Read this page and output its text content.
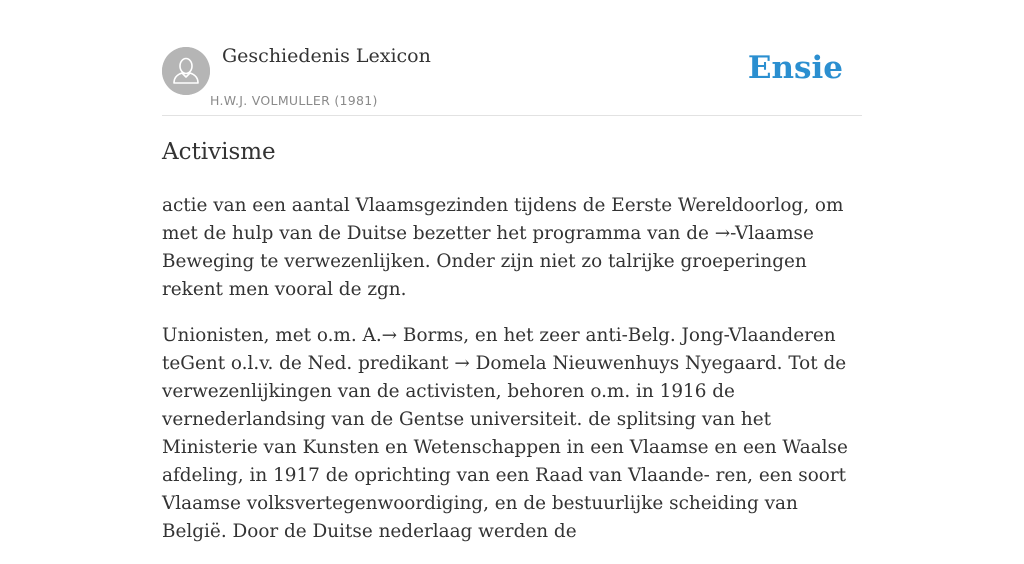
Geschiedenis Lexicon
H.W.J. VOLMULLER (1981)
Ensie
Activisme

actie van een aantal Vlaamsgezinden tijdens de Eerste Wereldoorlog, om met de hulp van de Duitse bezetter het programma van de →-Vlaamse Beweging te verwezenlijken. Onder zijn niet zo talrijke groeperingen rekent men vooral de zgn.

Unionisten, met o.m. A.→ Borms, en het zeer anti-Belg. Jong-Vlaanderen teGent o.l.v. de Ned. predikant → Domela Nieuwenhuys Nyegaard. Tot de verwezenlijkingen van de activisten, behoren o.m. in 1916 de vernederlandsing van de Gentse universiteit. de splitsing van het Ministerie van Kunsten en Wetenschappen in een Vlaamse en een Waalse afdeling, in 1917 de oprichting van een Raad van Vlaande- ren, een soort Vlaamse volksvertegenwoordiging, en de bestuurlijke scheiding van België. Door de Duitse nederlaag werden de
